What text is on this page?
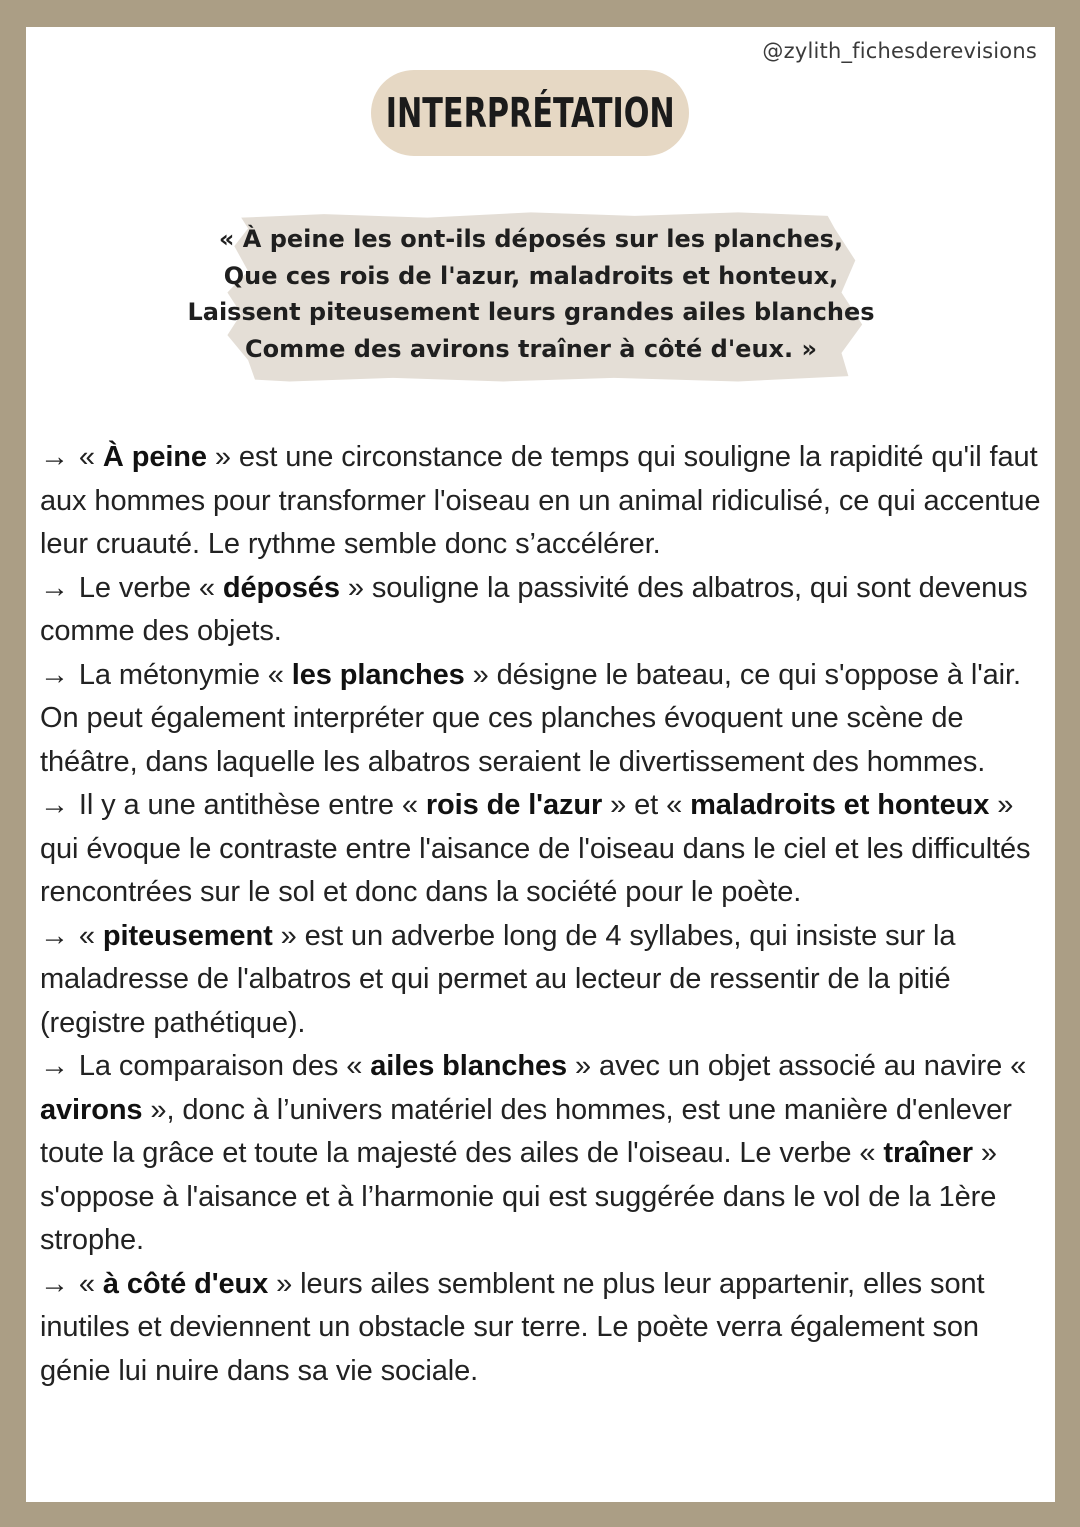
@zylith_fichesderevisions
INTERPRÉTATION
« À peine les ont-ils déposés sur les planches,
Que ces rois de l'azur, maladroits et honteux,
Laissent piteusement leurs grandes ailes blanches
Comme des avirons traîner à côté d'eux. »

→ « À peine » est une circonstance de temps qui souligne la rapidité qu'il faut aux hommes pour transformer l'oiseau en un animal ridiculisé, ce qui accentue leur cruauté. Le rythme semble donc s’accélérer.

→ Le verbe « déposés » souligne la passivité des albatros, qui sont devenus comme des objets.

→ La métonymie « les planches » désigne le bateau, ce qui s'oppose à l'air. On peut également interpréter que ces planches évoquent une scène de théâtre, dans laquelle les albatros seraient le divertissement des hommes.

→ Il y a une antithèse entre « rois de l'azur » et « maladroits et honteux » qui évoque le contraste entre l'aisance de l'oiseau dans le ciel et les difficultés rencontrées sur le sol et donc dans la société pour le poète.

→ « piteusement » est un adverbe long de 4 syllabes, qui insiste sur la maladresse de l'albatros et qui permet au lecteur de ressentir de la pitié (registre pathétique).

→ La comparaison des « ailes blanches » avec un objet associé au navire « avirons », donc à l’univers matériel des hommes, est une manière d'enlever toute la grâce et toute la majesté des ailes de l'oiseau. Le verbe « traîner » s'oppose à l'aisance et à l’harmonie qui est suggérée dans le vol de la 1ère strophe.

→ « à côté d'eux » leurs ailes semblent ne plus leur appartenir, elles sont inutiles et deviennent un obstacle sur terre. Le poète verra également son génie lui nuire dans sa vie sociale.
